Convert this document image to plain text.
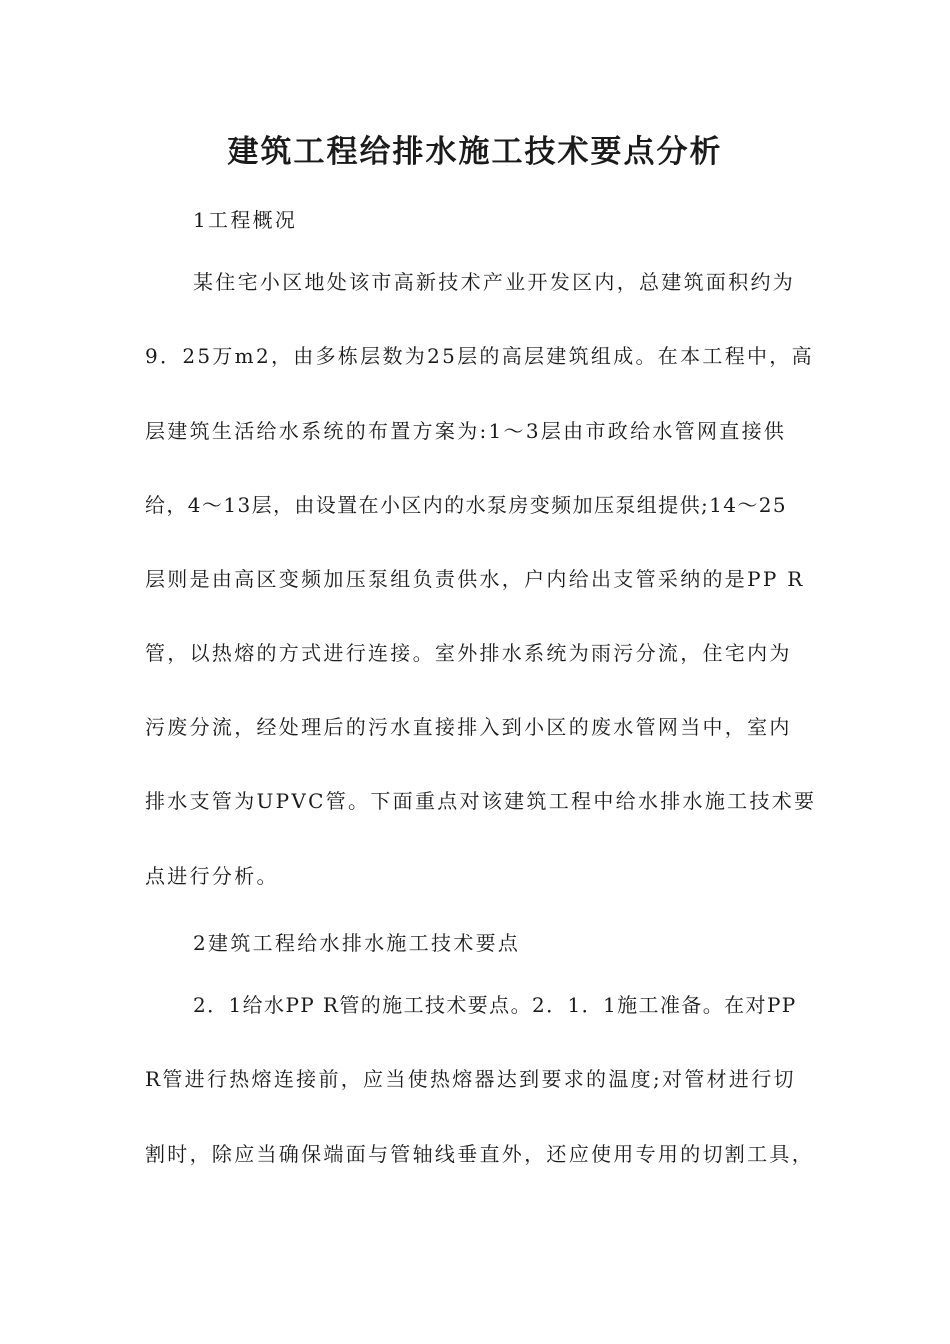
建筑工程给排水施工技术要点分析
1工程概况
某住宅小区地处该市高新技术产业开发区内，总建筑面积约为
9．25万m2，由多栋层数为25层的高层建筑组成。在本工程中，高
层建筑生活给水系统的布置方案为:1～3层由市政给水管网直接供
给，4～13层，由设置在小区内的水泵房变频加压泵组提供;14～25
层则是由高区变频加压泵组负责供水，户内给出支管采纳的是PP R
管，以热熔的方式进行连接。室外排水系统为雨污分流，住宅内为
污废分流，经处理后的污水直接排入到小区的废水管网当中，室内
排水支管为UPVC管。下面重点对该建筑工程中给水排水施工技术要
点进行分析。
2建筑工程给水排水施工技术要点
2．1给水PP R管的施工技术要点。2．1．1施工准备。在对PP
R管进行热熔连接前，应当使热熔器达到要求的温度;对管材进行切
割时，除应当确保端面与管轴线垂直外，还应使用专用的切割工具，
